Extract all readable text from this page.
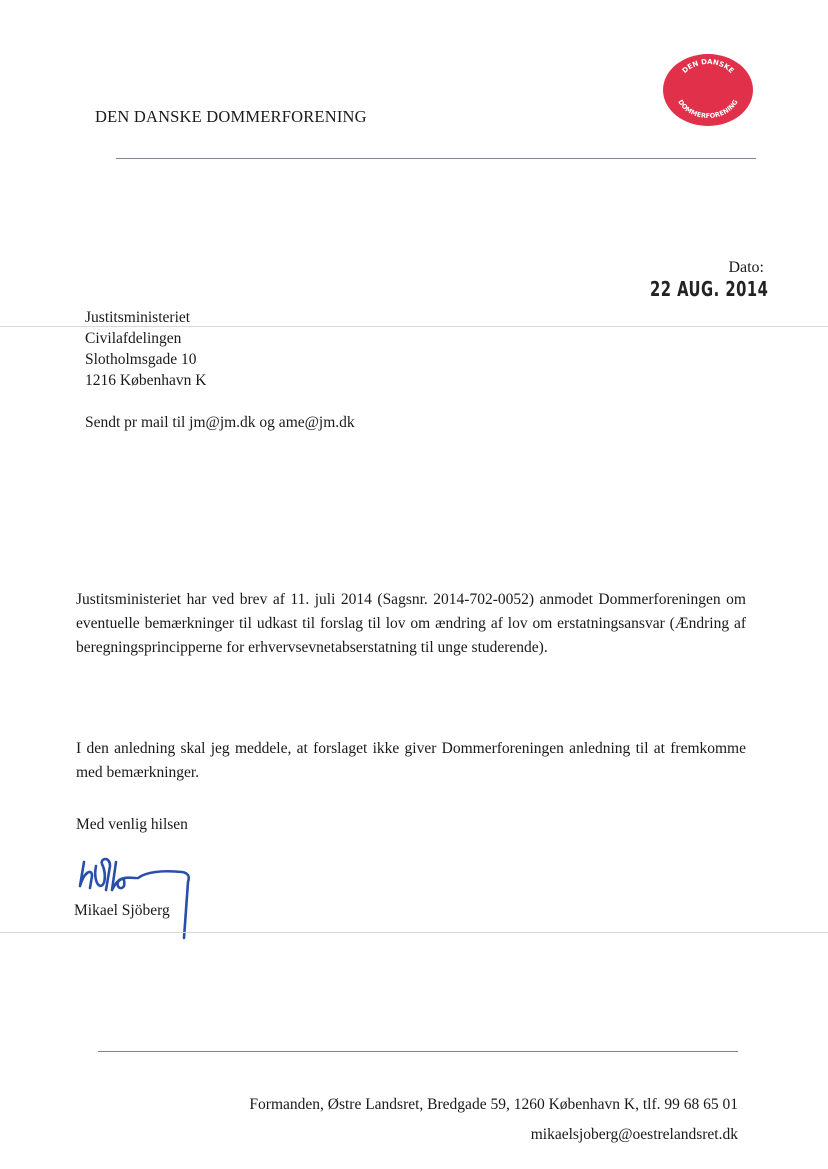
DEN DANSKE DOMMERFORENING
DEN DANSKE
DOMMERFORENING
Dato:
22 AUG. 2014
Justitsministeriet
Civilafdelingen
Slotholmsgade 10
1216 København K
Sendt pr mail til jm@jm.dk og ame@jm.dk
Justitsministeriet har ved brev af 11. juli 2014 (Sagsnr. 2014-702-0052) anmodet Dommerforeningen om eventuelle bemærkninger til udkast til forslag til lov om ændring af lov om erstatningsansvar (Ændring af beregningsprincipperne for erhvervsevnetabserstatning til unge studerende).
I den anledning skal jeg meddele, at forslaget ikke giver Dommerforeningen anledning til at fremkomme med bemærkninger.
Med venlig hilsen
Mikael Sjöberg
Formanden, Østre Landsret, Bredgade 59, 1260 København K, tlf. 99 68 65 01
mikaelsjoberg@oestrelandsret.dk
